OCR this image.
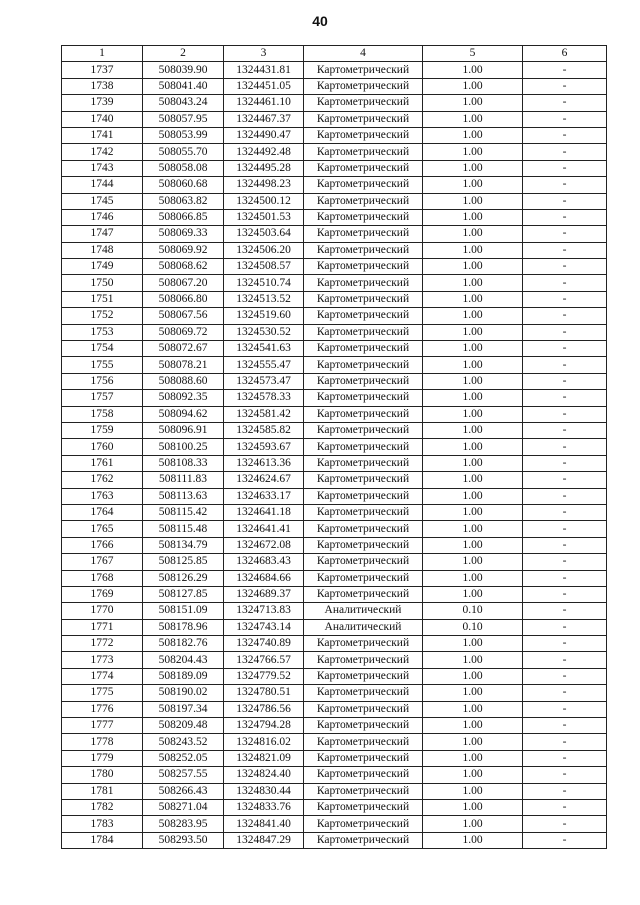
40
1	2	3	4	5	6
1737	508039.90	1324431.81	Картометрический	1.00	-
1738	508041.40	1324451.05	Картометрический	1.00	-
1739	508043.24	1324461.10	Картометрический	1.00	-
1740	508057.95	1324467.37	Картометрический	1.00	-
1741	508053.99	1324490.47	Картометрический	1.00	-
1742	508055.70	1324492.48	Картометрический	1.00	-
1743	508058.08	1324495.28	Картометрический	1.00	-
1744	508060.68	1324498.23	Картометрический	1.00	-
1745	508063.82	1324500.12	Картометрический	1.00	-
1746	508066.85	1324501.53	Картометрический	1.00	-
1747	508069.33	1324503.64	Картометрический	1.00	-
1748	508069.92	1324506.20	Картометрический	1.00	-
1749	508068.62	1324508.57	Картометрический	1.00	-
1750	508067.20	1324510.74	Картометрический	1.00	-
1751	508066.80	1324513.52	Картометрический	1.00	-
1752	508067.56	1324519.60	Картометрический	1.00	-
1753	508069.72	1324530.52	Картометрический	1.00	-
1754	508072.67	1324541.63	Картометрический	1.00	-
1755	508078.21	1324555.47	Картометрический	1.00	-
1756	508088.60	1324573.47	Картометрический	1.00	-
1757	508092.35	1324578.33	Картометрический	1.00	-
1758	508094.62	1324581.42	Картометрический	1.00	-
1759	508096.91	1324585.82	Картометрический	1.00	-
1760	508100.25	1324593.67	Картометрический	1.00	-
1761	508108.33	1324613.36	Картометрический	1.00	-
1762	508111.83	1324624.67	Картометрический	1.00	-
1763	508113.63	1324633.17	Картометрический	1.00	-
1764	508115.42	1324641.18	Картометрический	1.00	-
1765	508115.48	1324641.41	Картометрический	1.00	-
1766	508134.79	1324672.08	Картометрический	1.00	-
1767	508125.85	1324683.43	Картометрический	1.00	-
1768	508126.29	1324684.66	Картометрический	1.00	-
1769	508127.85	1324689.37	Картометрический	1.00	-
1770	508151.09	1324713.83	Аналитический	0.10	-
1771	508178.96	1324743.14	Аналитический	0.10	-
1772	508182.76	1324740.89	Картометрический	1.00	-
1773	508204.43	1324766.57	Картометрический	1.00	-
1774	508189.09	1324779.52	Картометрический	1.00	-
1775	508190.02	1324780.51	Картометрический	1.00	-
1776	508197.34	1324786.56	Картометрический	1.00	-
1777	508209.48	1324794.28	Картометрический	1.00	-
1778	508243.52	1324816.02	Картометрический	1.00	-
1779	508252.05	1324821.09	Картометрический	1.00	-
1780	508257.55	1324824.40	Картометрический	1.00	-
1781	508266.43	1324830.44	Картометрический	1.00	-
1782	508271.04	1324833.76	Картометрический	1.00	-
1783	508283.95	1324841.40	Картометрический	1.00	-
1784	508293.50	1324847.29	Картометрический	1.00	-
